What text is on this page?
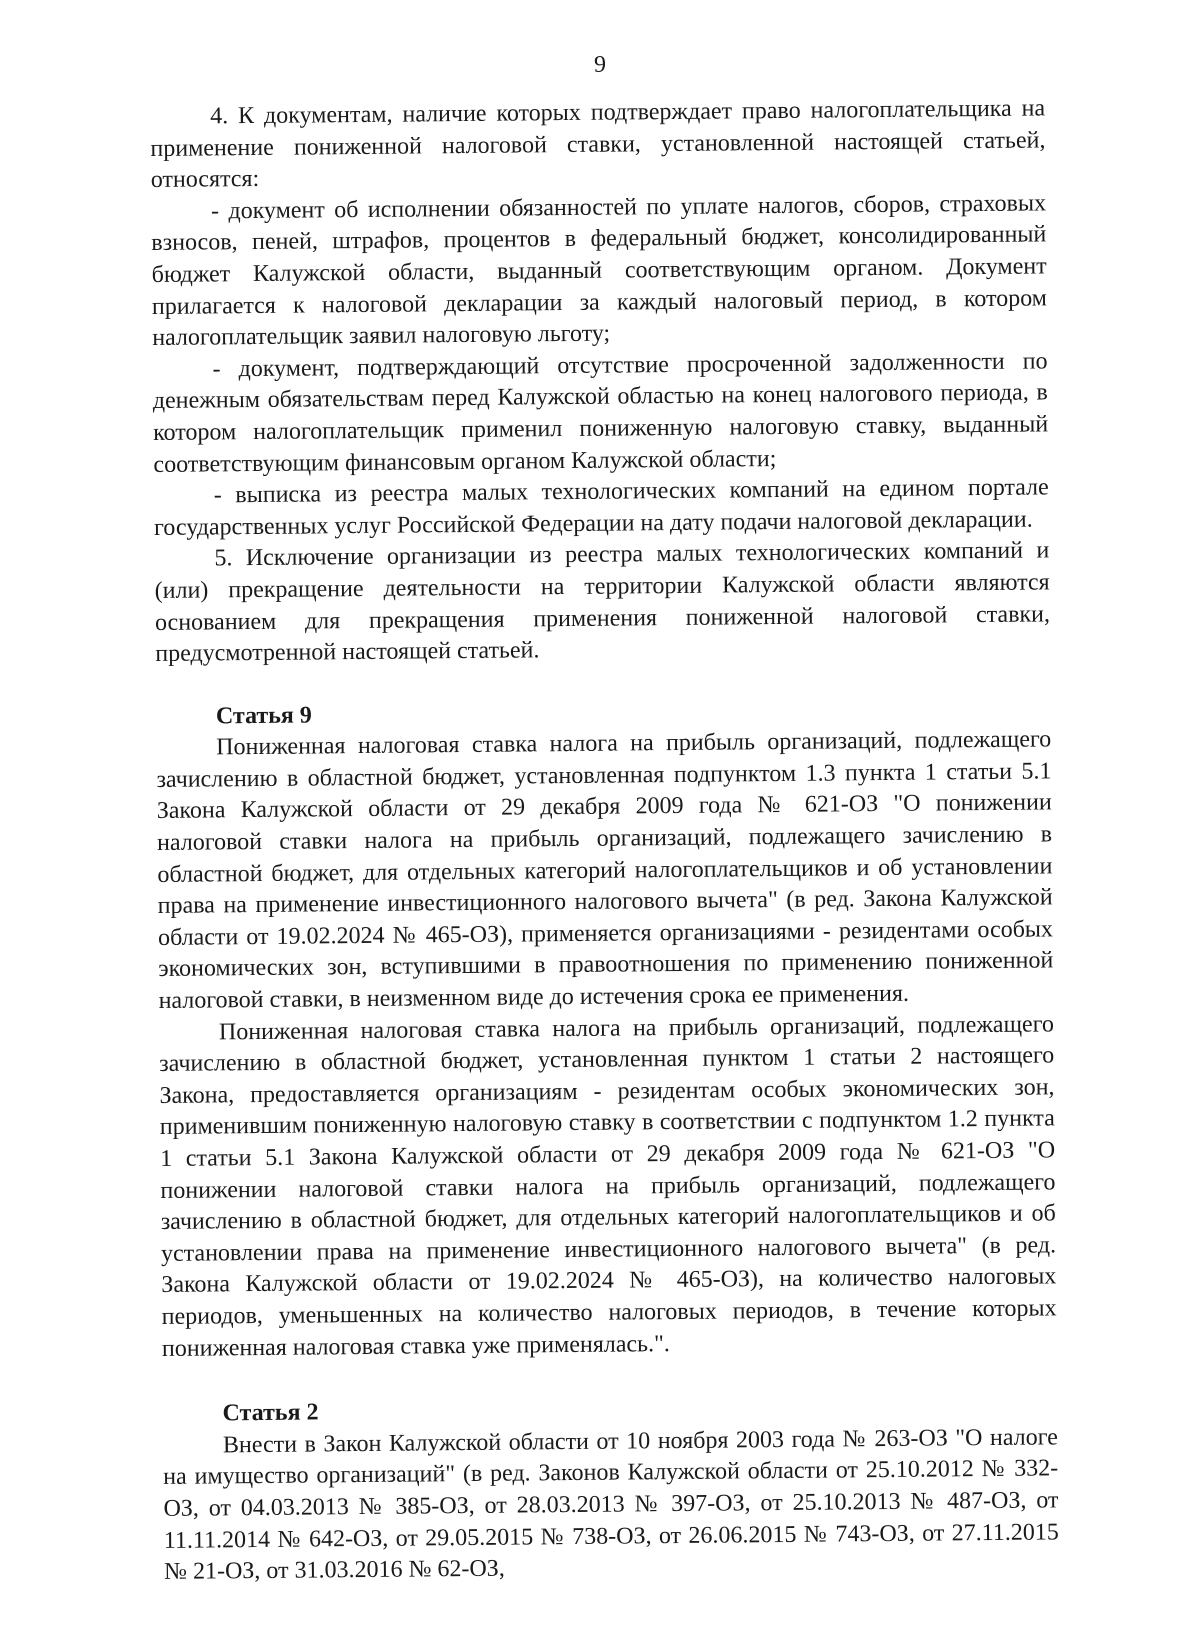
9

4. К документам, наличие которых подтверждает право налогоплательщика на применение пониженной налоговой ставки, установленной настоящей статьей, относятся:

- документ об исполнении обязанностей по уплате налогов, сборов, страховых взносов, пеней, штрафов, процентов в федеральный бюджет, консолидированный бюджет Калужской области, выданный соответствующим органом. Документ прилагается к налоговой декларации за каждый налоговый период, в котором налогоплательщик заявил налоговую льготу;

- документ, подтверждающий отсутствие просроченной задолженности по денежным обязательствам перед Калужской областью на конец налогового периода, в котором налогоплательщик применил пониженную налоговую ставку, выданный соответствующим финансовым органом Калужской области;

- выписка из реестра малых технологических компаний на едином портале государственных услуг Российской Федерации на дату подачи налоговой декларации.

5. Исключение организации из реестра малых технологических компаний и (или) прекращение деятельности на территории Калужской области являются основанием для прекращения применения пониженной налоговой ставки, предусмотренной настоящей статьей.

Статья 9

Пониженная налоговая ставка налога на прибыль организаций, подлежащего зачислению в областной бюджет, установленная подпунктом 1.3 пункта 1 статьи 5.1 Закона Калужской области от 29 декабря 2009 года № 621-ОЗ "О понижении налоговой ставки налога на прибыль организаций, подлежащего зачислению в областной бюджет, для отдельных категорий налогоплательщиков и об установлении права на применение инвестиционного налогового вычета" (в ред. Закона Калужской области от 19.02.2024 № 465-ОЗ), применяется организациями - резидентами особых экономических зон, вступившими в правоотношения по применению пониженной налоговой ставки, в неизменном виде до истечения срока ее применения.

Пониженная налоговая ставка налога на прибыль организаций, подлежащего зачислению в областной бюджет, установленная пунктом 1 статьи 2 настоящего Закона, предоставляется организациям - резидентам особых экономических зон, применившим пониженную налоговую ставку в соответствии с подпунктом 1.2 пункта 1 статьи 5.1 Закона Калужской области от 29 декабря 2009 года № 621-ОЗ "О понижении налоговой ставки налога на прибыль организаций, подлежащего зачислению в областной бюджет, для отдельных категорий налогоплательщиков и об установлении права на применение инвестиционного налогового вычета" (в ред. Закона Калужской области от 19.02.2024 № 465-ОЗ), на количество налоговых периодов, уменьшенных на количество налоговых периодов, в течение которых пониженная налоговая ставка уже применялась.".

Статья 2

Внести в Закон Калужской области от 10 ноября 2003 года № 263-ОЗ "О налоге на имущество организаций" (в ред. Законов Калужской области от 25.10.2012 № 332-ОЗ, от 04.03.2013 № 385-ОЗ, от 28.03.2013 № 397-ОЗ, от 25.10.2013 № 487-ОЗ, от 11.11.2014 № 642-ОЗ, от 29.05.2015 № 738-ОЗ, от 26.06.2015 № 743-ОЗ, от 27.11.2015 № 21-ОЗ, от 31.03.2016 № 62-ОЗ,
